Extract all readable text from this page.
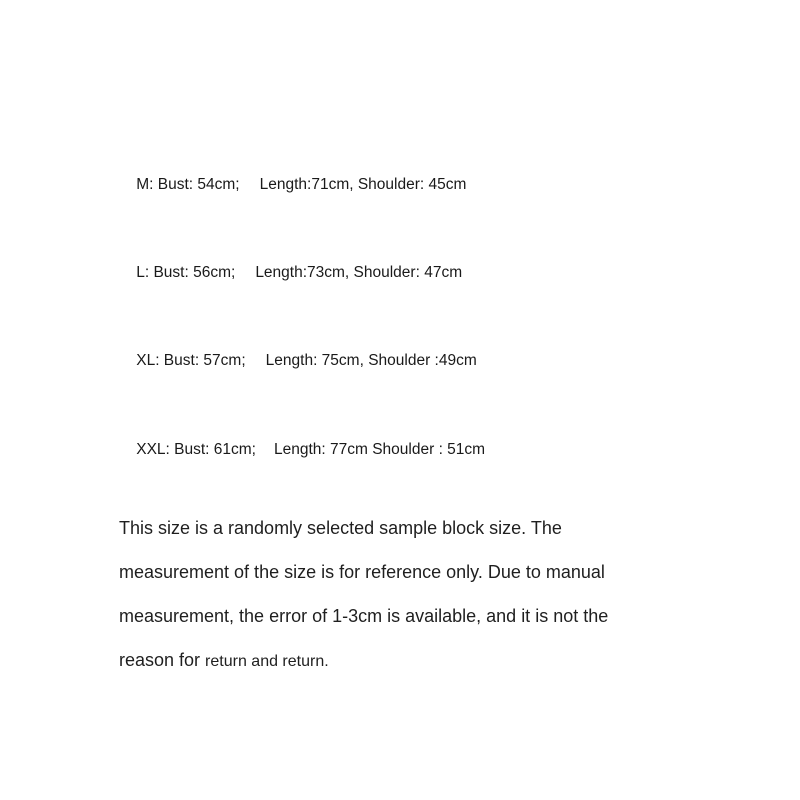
M: Bust: 54cm; Length:71cm, Shoulder: 45cm

L: Bust: 56cm; Length:73cm, Shoulder: 47cm

XL: Bust: 57cm; Length: 75cm, Shoulder :49cm

XXL: Bust: 61cm; Length: 77cm Shoulder : 51cm

This size is a randomly selected sample block size. The
measurement of the size is for reference only. Due to manual
measurement, the error of 1-3cm is available, and it is not the
reason for return and return.
